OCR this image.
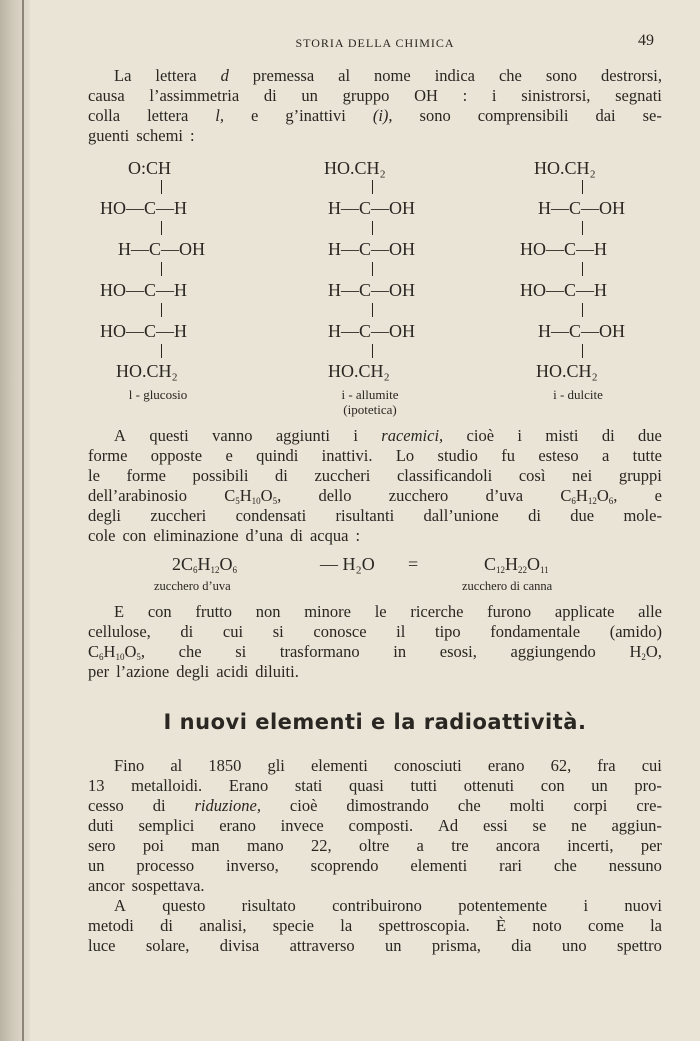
STORIA DELLA CHIMICA	49
La lettera d premessa al nome indica che sono destrorsi,
causa l’assimmetria di un gruppo OH : i sinistrorsi, segnati
colla lettera l, e g’inattivi (i), sono comprensibili dai se-
guenti schemi :
O:CH
HO—C—H
H—C—OH
HO—C—H
HO—C—H
HO.CH₂
l - glucosio
HO.CH₂
H—C—OH
H—C—OH
H—C—OH
H—C—OH
HO.CH₂
i - allumite
(ipotetica)
HO.CH₂
H—C—OH
HO—C—H
HO—C—H
H—C—OH
HO.CH₂
i - dulcite
A questi vanno aggiunti i racemici, cioè i misti di due
forme opposte e quindi inattivi. Lo studio fu esteso a tutte
le forme possibili di zuccheri classificandoli così nei gruppi
dell’arabinosio $C_5H_{10}O_5$, dello zucchero d’uva $C_6H_{12}O_6$, e
degli zuccheri condensati risultanti dall’unione di due mole-
cole con eliminazione d’una di acqua :
$2C_6H_{12}O_6$	— H₂O =	$C_{12}H_{22}O_{11}$
zucchero d’uva	zucchero di canna
E con frutto non minore le ricerche furono applicate alle
cellulose, di cui si conosce il tipo fondamentale (amido)
$C_6H_{10}O_5$, che si trasformano in esosi, aggiungendo $H_2O$,
per l’azione degli acidi diluiti.
I nuovi elementi e la radioattività.
Fino al 1850 gli elementi conosciuti erano 62, fra cui
13 metalloidi. Erano stati quasi tutti ottenuti con un pro-
cesso di riduzione, cioè dimostrando che molti corpi cre-
duti semplici erano invece composti. Ad essi se ne aggiun-
sero poi man mano 22, oltre a tre ancora incerti, per
un processo inverso, scoprendo elementi rari che nessuno
ancor sospettava.
A questo risultato contribuirono potentemente i nuovi
metodi di analisi, specie la spettroscopia. È noto come la
luce solare, divisa attraverso un prisma, dia uno spettro
